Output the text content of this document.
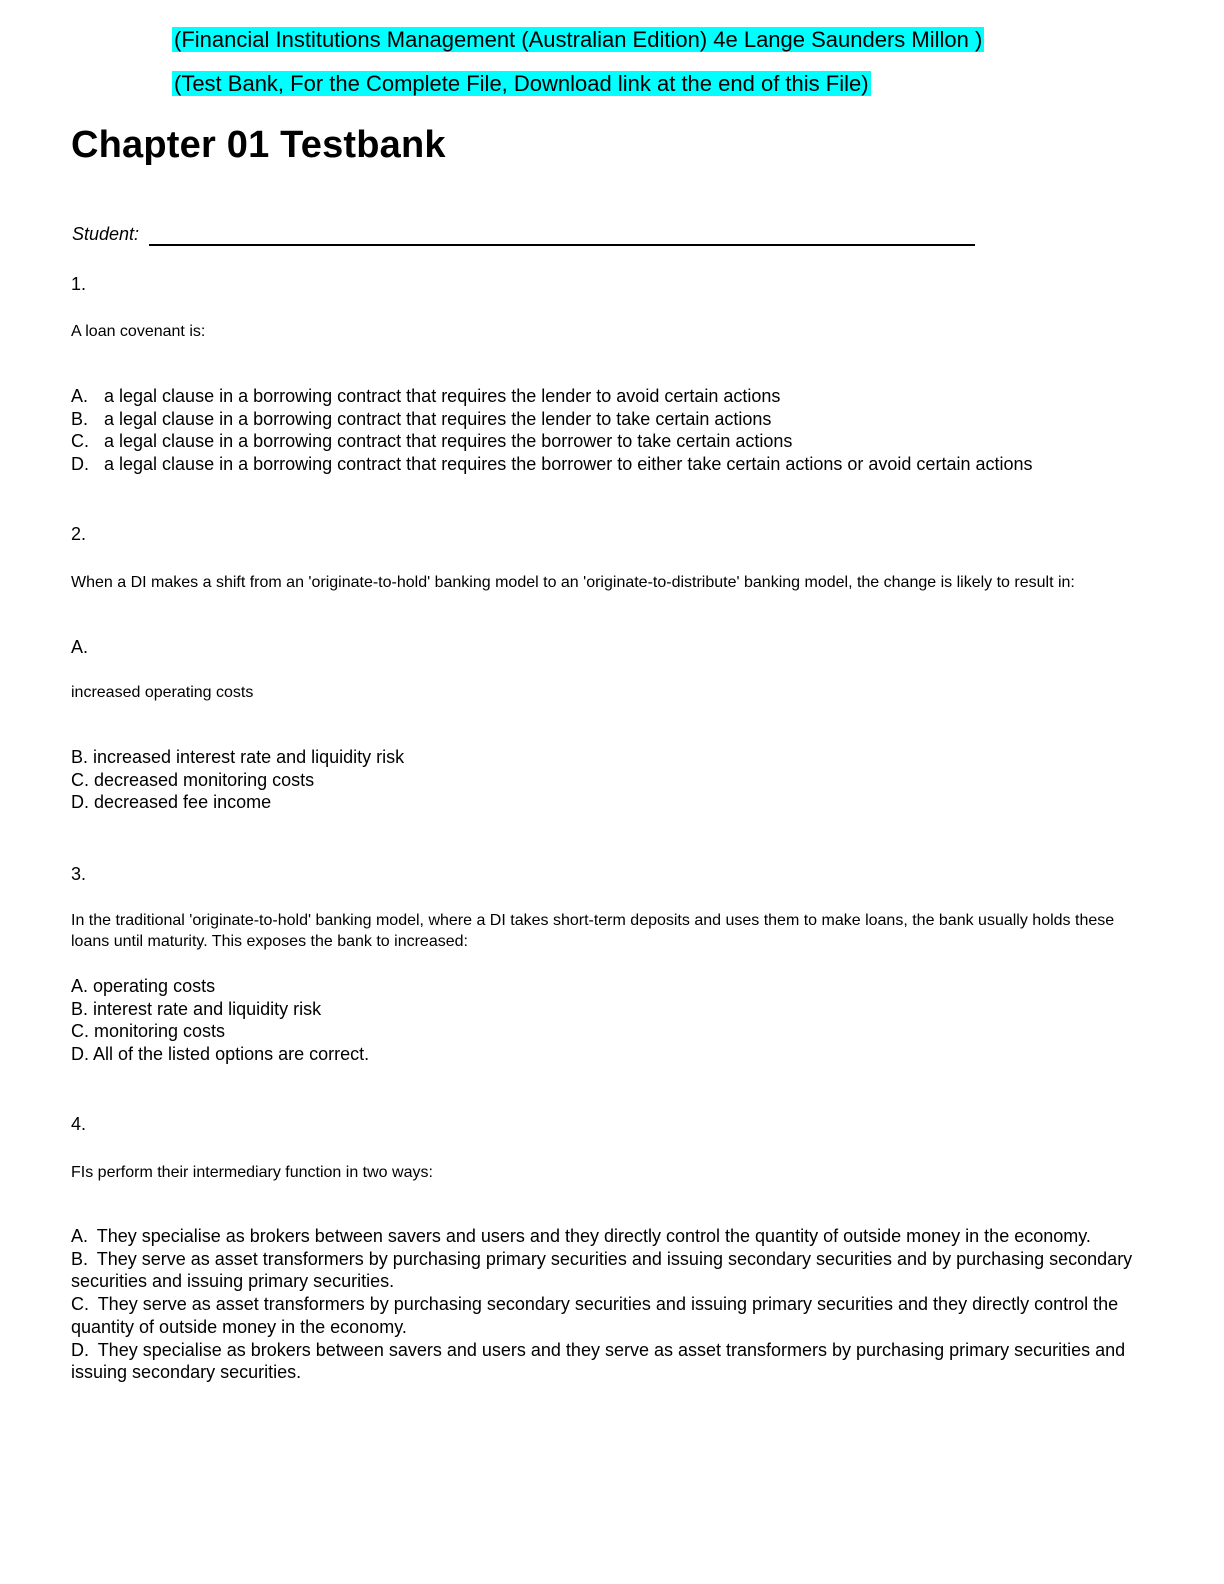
(Financial Institutions Management (Australian Edition) 4e Lange Saunders Millon )
(Test Bank, For the Complete File, Download link at the end of this File)
Chapter 01 Testbank
Student:
1.
A loan covenant is:
A. a legal clause in a borrowing contract that requires the lender to avoid certain actions
B. a legal clause in a borrowing contract that requires the lender to take certain actions
C. a legal clause in a borrowing contract that requires the borrower to take certain actions
D. a legal clause in a borrowing contract that requires the borrower to either take certain actions or avoid certain actions
2.
When a DI makes a shift from an 'originate-to-hold' banking model to an 'originate-to-distribute' banking model, the change is likely to result in:
A.
increased operating costs
B. increased interest rate and liquidity risk
C. decreased monitoring costs
D. decreased fee income
3.
In the traditional 'originate-to-hold' banking model, where a DI takes short-term deposits and uses them to make loans, the bank usually holds these loans until maturity. This exposes the bank to increased:
A. operating costs
B. interest rate and liquidity risk
C. monitoring costs
D. All of the listed options are correct.
4.
FIs perform their intermediary function in two ways:
A. They specialise as brokers between savers and users and they directly control the quantity of outside money in the economy.
B. They serve as asset transformers by purchasing primary securities and issuing secondary securities and by purchasing secondary securities and issuing primary securities.
C. They serve as asset transformers by purchasing secondary securities and issuing primary securities and they directly control the quantity of outside money in the economy.
D. They specialise as brokers between savers and users and they serve as asset transformers by purchasing primary securities and issuing secondary securities.
